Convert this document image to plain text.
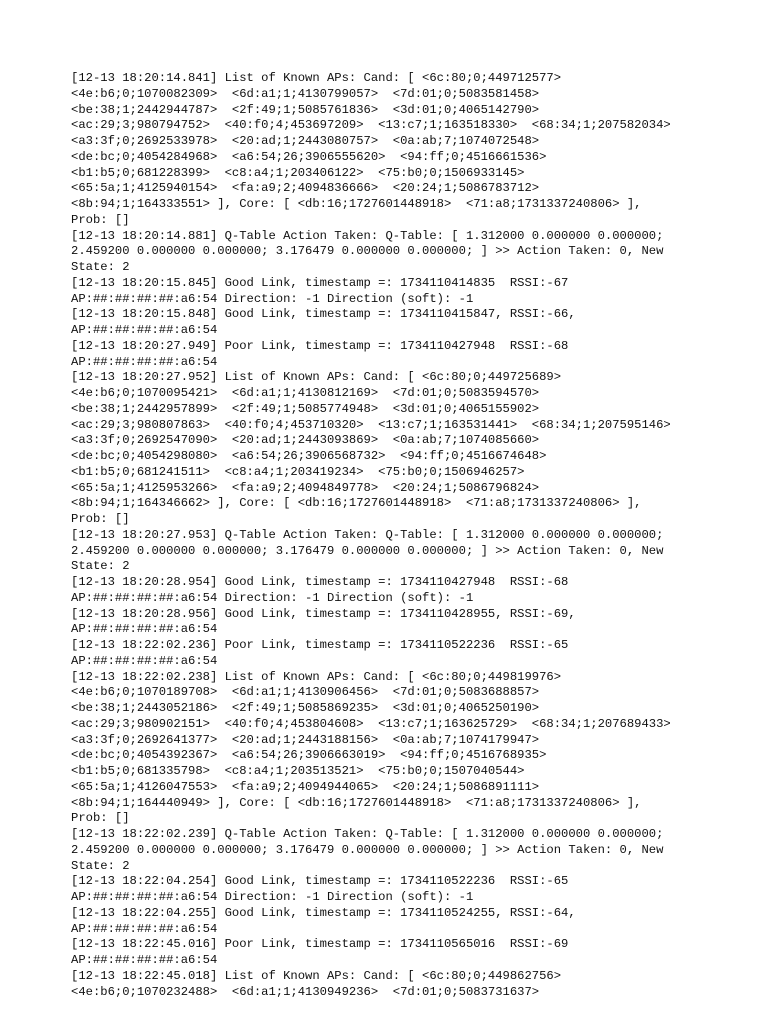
[12-13 18:20:14.841] List of Known APs: Cand: [ <6c:80;0;449712577>
<4e:b6;0;1070082309>  <6d:a1;1;4130799057>  <7d:01;0;5083581458>
<be:38;1;2442944787>  <2f:49;1;5085761836>  <3d:01;0;4065142790>
<ac:29;3;980794752>  <40:f0;4;453697209>  <13:c7;1;163518330>  <68:34;1;207582034>
<a3:3f;0;2692533978>  <20:ad;1;2443080757>  <0a:ab;7;1074072548>
<de:bc;0;4054284968>  <a6:54;26;3906555620>  <94:ff;0;4516661536>
<b1:b5;0;681228399>  <c8:a4;1;203406122>  <75:b0;0;1506933145>
<65:5a;1;4125940154>  <fa:a9;2;4094836666>  <20:24;1;5086783712>
<8b:94;1;164333551> ], Core: [ <db:16;1727601448918>  <71:a8;1731337240806> ],
Prob: []
[12-13 18:20:14.881] Q-Table Action Taken: Q-Table: [ 1.312000 0.000000 0.000000;
2.459200 0.000000 0.000000; 3.176479 0.000000 0.000000; ] >> Action Taken: 0, New
State: 2
[12-13 18:20:15.845] Good Link, timestamp =: 1734110414835  RSSI:-67
AP:##:##:##:##:a6:54 Direction: -1 Direction (soft): -1
[12-13 18:20:15.848] Good Link, timestamp =: 1734110415847, RSSI:-66,
AP:##:##:##:##:a6:54
[12-13 18:20:27.949] Poor Link, timestamp =: 1734110427948  RSSI:-68
AP:##:##:##:##:a6:54
[12-13 18:20:27.952] List of Known APs: Cand: [ <6c:80;0;449725689>
<4e:b6;0;1070095421>  <6d:a1;1;4130812169>  <7d:01;0;5083594570>
<be:38;1;2442957899>  <2f:49;1;5085774948>  <3d:01;0;4065155902>
<ac:29;3;980807863>  <40:f0;4;453710320>  <13:c7;1;163531441>  <68:34;1;207595146>
<a3:3f;0;2692547090>  <20:ad;1;2443093869>  <0a:ab;7;1074085660>
<de:bc;0;4054298080>  <a6:54;26;3906568732>  <94:ff;0;4516674648>
<b1:b5;0;681241511>  <c8:a4;1;203419234>  <75:b0;0;1506946257>
<65:5a;1;4125953266>  <fa:a9;2;4094849778>  <20:24;1;5086796824>
<8b:94;1;164346662> ], Core: [ <db:16;1727601448918>  <71:a8;1731337240806> ],
Prob: []
[12-13 18:20:27.953] Q-Table Action Taken: Q-Table: [ 1.312000 0.000000 0.000000;
2.459200 0.000000 0.000000; 3.176479 0.000000 0.000000; ] >> Action Taken: 0, New
State: 2
[12-13 18:20:28.954] Good Link, timestamp =: 1734110427948  RSSI:-68
AP:##:##:##:##:a6:54 Direction: -1 Direction (soft): -1
[12-13 18:20:28.956] Good Link, timestamp =: 1734110428955, RSSI:-69,
AP:##:##:##:##:a6:54
[12-13 18:22:02.236] Poor Link, timestamp =: 1734110522236  RSSI:-65
AP:##:##:##:##:a6:54
[12-13 18:22:02.238] List of Known APs: Cand: [ <6c:80;0;449819976>
<4e:b6;0;1070189708>  <6d:a1;1;4130906456>  <7d:01;0;5083688857>
<be:38;1;2443052186>  <2f:49;1;5085869235>  <3d:01;0;4065250190>
<ac:29;3;980902151>  <40:f0;4;453804608>  <13:c7;1;163625729>  <68:34;1;207689433>
<a3:3f;0;2692641377>  <20:ad;1;2443188156>  <0a:ab;7;1074179947>
<de:bc;0;4054392367>  <a6:54;26;3906663019>  <94:ff;0;4516768935>
<b1:b5;0;681335798>  <c8:a4;1;203513521>  <75:b0;0;1507040544>
<65:5a;1;4126047553>  <fa:a9;2;4094944065>  <20:24;1;5086891111>
<8b:94;1;164440949> ], Core: [ <db:16;1727601448918>  <71:a8;1731337240806> ],
Prob: []
[12-13 18:22:02.239] Q-Table Action Taken: Q-Table: [ 1.312000 0.000000 0.000000;
2.459200 0.000000 0.000000; 3.176479 0.000000 0.000000; ] >> Action Taken: 0, New
State: 2
[12-13 18:22:04.254] Good Link, timestamp =: 1734110522236  RSSI:-65
AP:##:##:##:##:a6:54 Direction: -1 Direction (soft): -1
[12-13 18:22:04.255] Good Link, timestamp =: 1734110524255, RSSI:-64,
AP:##:##:##:##:a6:54
[12-13 18:22:45.016] Poor Link, timestamp =: 1734110565016  RSSI:-69
AP:##:##:##:##:a6:54
[12-13 18:22:45.018] List of Known APs: Cand: [ <6c:80;0;449862756>
<4e:b6;0;1070232488>  <6d:a1;1;4130949236>  <7d:01;0;5083731637>
